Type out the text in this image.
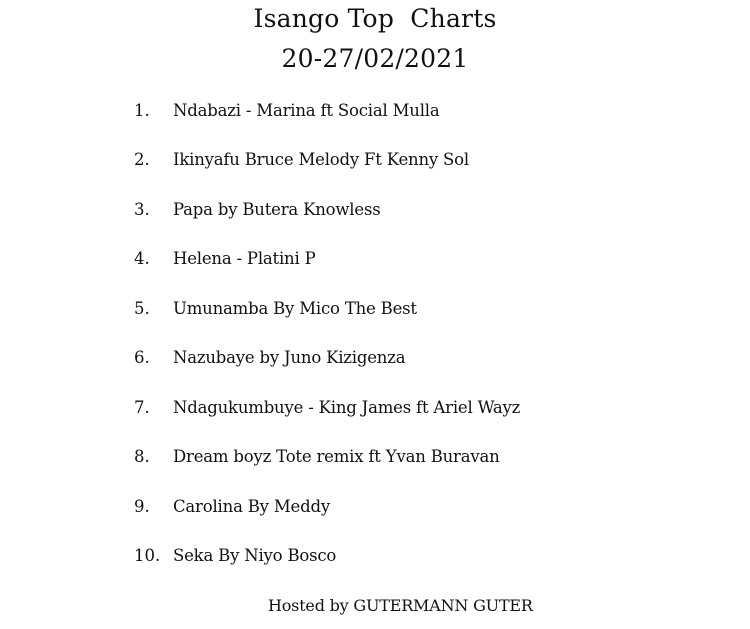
Isango Top  Charts
20-27/02/2021
1. Ndabazi - Marina ft Social Mulla
2. Ikinyafu Bruce Melody Ft Kenny Sol
3. Papa by Butera Knowless
4. Helena - Platini P
5. Umunamba By Mico The Best
6. Nazubaye by Juno Kizigenza
7. Ndagukumbuye - King James ft Ariel Wayz
8. Dream boyz Tote remix ft Yvan Buravan
9. Carolina By Meddy
10. Seka By Niyo Bosco
Hosted by GUTERMANN GUTER
